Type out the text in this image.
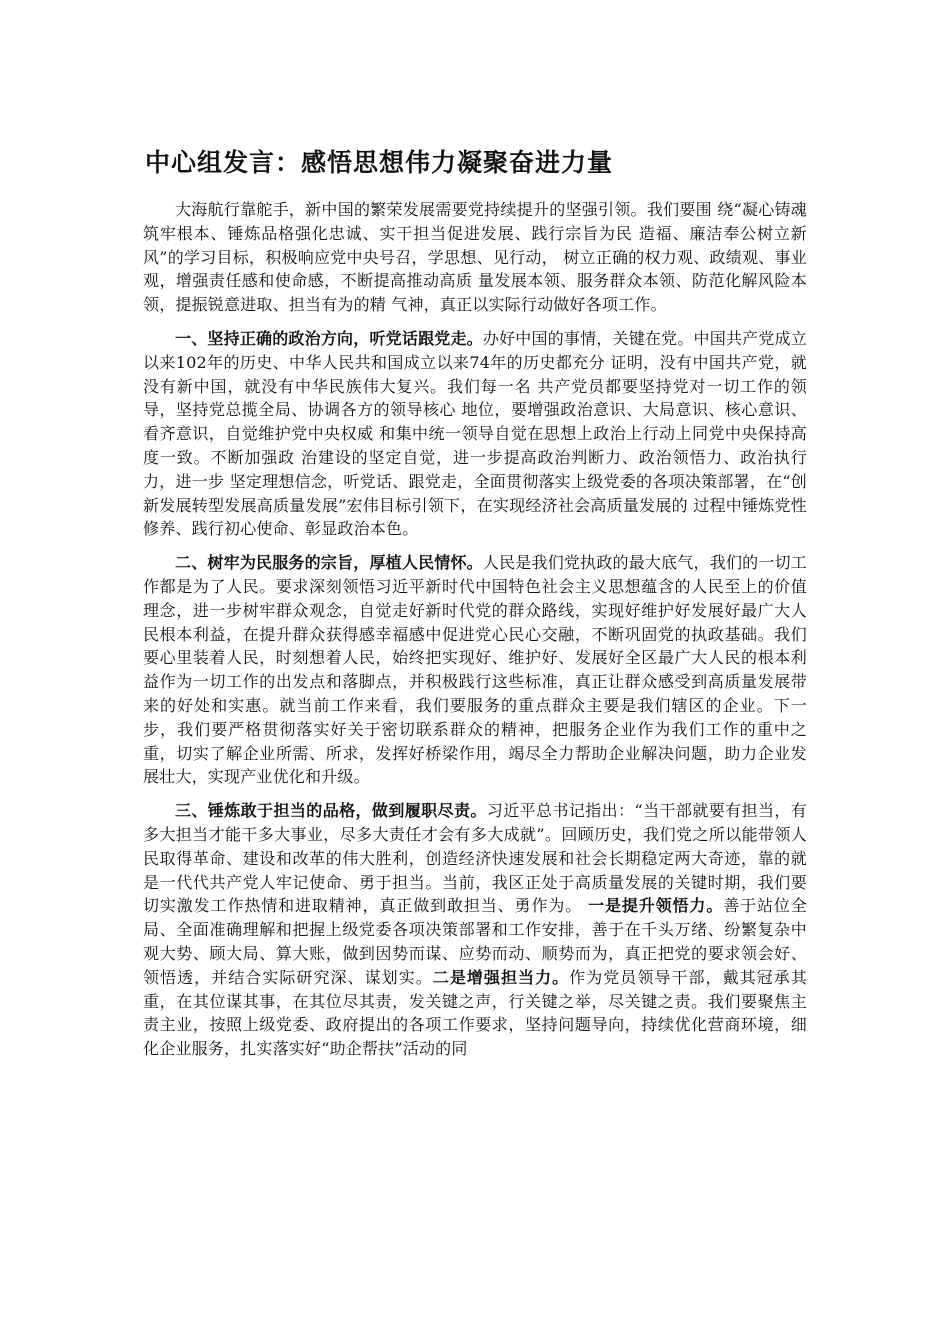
中心组发言：感悟思想伟力凝聚奋进力量

大海航行靠舵手，新中国的繁荣发展需要党持续提升的坚强引领。我们要围 绕“凝心铸魂筑牢根本、锤炼品格强化忠诚、实干担当促进发展、践行宗旨为民 造福、廉洁奉公树立新风”的学习目标，积极响应党中央号召，学思想、见行动， 树立正确的权力观、政绩观、事业观，增强责任感和使命感，不断提高推动高质 量发展本领、服务群众本领、防范化解风险本领，提振锐意进取、担当有为的精 气神，真正以实际行动做好各项工作。

一、坚持正确的政治方向，听党话跟党走。办好中国的事情，关键在党。中国共产党成立以来102年的历史、中华人民共和国成立以来74年的历史都充分 证明，没有中国共产党，就没有新中国，就没有中华民族伟大复兴。我们每一名 共产党员都要坚持党对一切工作的领导，坚持党总揽全局、协调各方的领导核心 地位，要增强政治意识、大局意识、核心意识、看齐意识，自觉维护党中央权威 和集中统一领导自觉在思想上政治上行动上同党中央保持高度一致。不断加强政 治建设的坚定自觉，进一步提高政治判断力、政治领悟力、政治执行力，进一步 坚定理想信念，听党话、跟党走，全面贯彻落实上级党委的各项决策部署，在“创 新发展转型发展高质量发展”宏伟目标引领下，在实现经济社会高质量发展的 过程中锤炼党性修养、践行初心使命、彰显政治本色。

二、树牢为民服务的宗旨，厚植人民情怀。人民是我们党执政的最大底气，我们的一切工作都是为了人民。要求深刻领悟习近平新时代中国特色社会主义思想蕴含的人民至上的价值理念，进一步树牢群众观念，自觉走好新时代党的群众路线，实现好维护好发展好最广大人民根本利益，在提升群众获得感幸福感中促进党心民心交融，不断巩固党的执政基础。我们要心里装着人民，时刻想着人民，始终把实现好、维护好、发展好全区最广大人民的根本利益作为一切工作的出发点和落脚点，并积极践行这些标准，真正让群众感受到高质量发展带来的好处和实惠。就当前工作来看，我们要服务的重点群众主要是我们辖区的企业。下一步，我们要严格贯彻落实好关于密切联系群众的精神，把服务企业作为我们工作的重中之重，切实了解企业所需、所求，发挥好桥梁作用，竭尽全力帮助企业解决问题，助力企业发展壮大，实现产业优化和升级。

三、锤炼敢于担当的品格，做到履职尽责。习近平总书记指出：“当干部就要有担当，有多大担当才能干多大事业，尽多大责任才会有多大成就”。回顾历史，我们党之所以能带领人民取得革命、建设和改革的伟大胜利，创造经济快速发展和社会长期稳定两大奇迹，靠的就是一代代共产党人牢记使命、勇于担当。当前，我区正处于高质量发展的关键时期，我们要切实激发工作热情和进取精神，真正做到敢担当、勇作为。 一是提升领悟力。善于站位全局、全面准确理解和把握上级党委各项决策部署和工作安排，善于在千头万绪、纷繁复杂中观大势、顾大局、算大账，做到因势而谋、应势而动、顺势而为，真正把党的要求领会好、领悟透，并结合实际研究深、谋划实。二是增强担当力。作为党员领导干部，戴其冠承其重，在其位谋其事，在其位尽其责，发关键之声，行关键之举，尽关键之责。我们要聚焦主责主业，按照上级党委、政府提出的各项工作要求，坚持问题导向，持续优化营商环境，细化企业服务，扎实落实好“助企帮扶”活动的同
